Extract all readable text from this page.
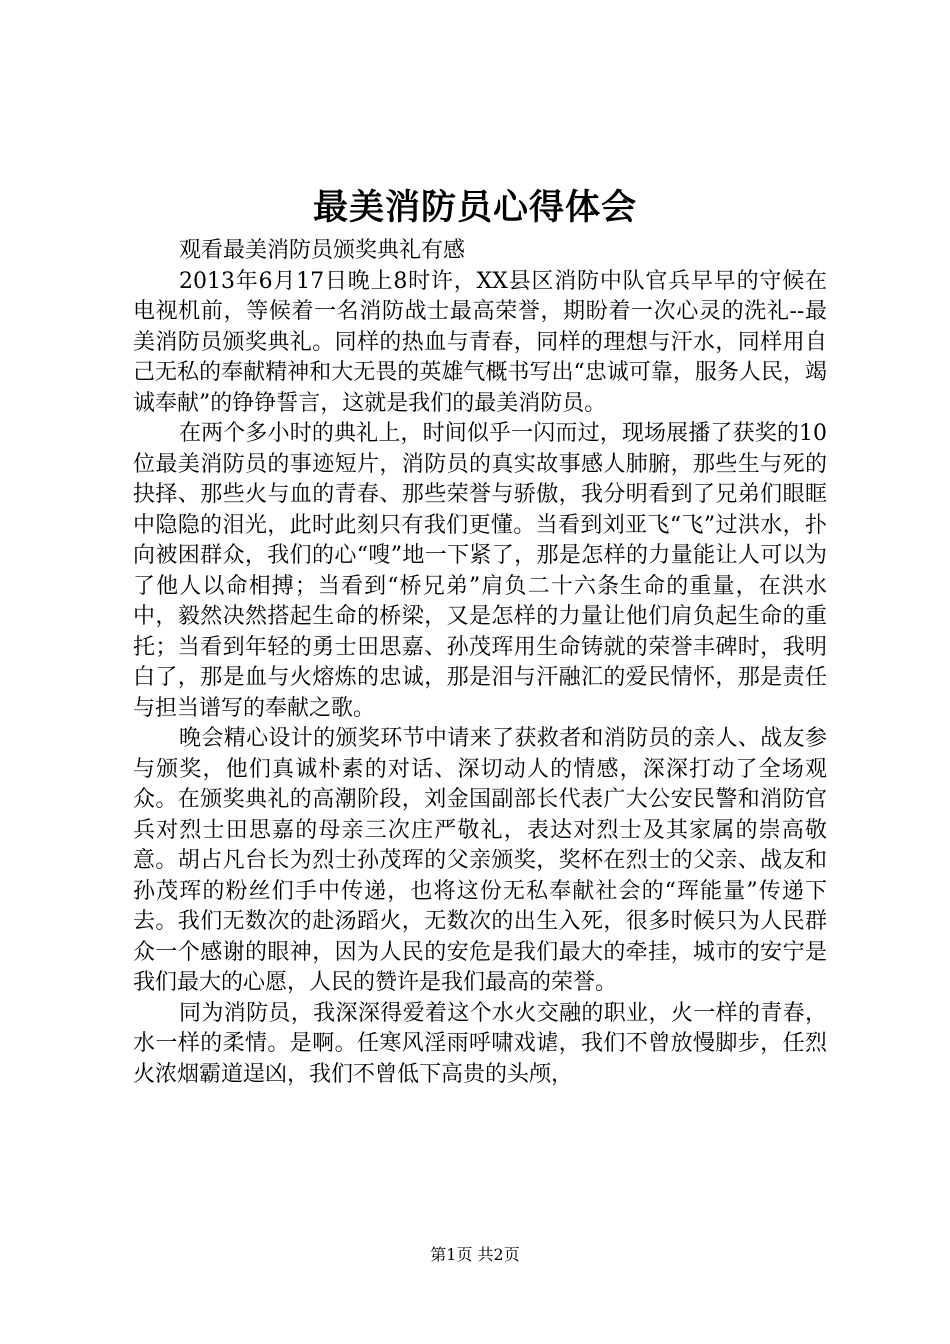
最美消防员心得体会

观看最美消防员颁奖典礼有感

2013年6月17日晚上8时许，XX县区消防中队官兵早早的守候在电视机前，等候着一名消防战士最高荣誉，期盼着一次心灵的洗礼--最美消防员颁奖典礼。同样的热血与青春，同样的理想与汗水，同样用自己无私的奉献精神和大无畏的英雄气概书写出“忠诚可靠，服务人民，竭诚奉献”的铮铮誓言，这就是我们的最美消防员。

在两个多小时的典礼上，时间似乎一闪而过，现场展播了获奖的10位最美消防员的事迹短片，消防员的真实故事感人肺腑，那些生与死的抉择、那些火与血的青春、那些荣誉与骄傲，我分明看到了兄弟们眼眶中隐隐的泪光，此时此刻只有我们更懂。当看到刘亚飞“飞”过洪水，扑向被困群众，我们的心“嗖”地一下紧了，那是怎样的力量能让人可以为了他人以命相搏；当看到“桥兄弟”肩负二十六条生命的重量，在洪水中，毅然决然搭起生命的桥梁，又是怎样的力量让他们肩负起生命的重托；当看到年轻的勇士田思嘉、孙茂珲用生命铸就的荣誉丰碑时，我明白了，那是血与火熔炼的忠诚，那是泪与汗融汇的爱民情怀，那是责任与担当谱写的奉献之歌。

晚会精心设计的颁奖环节中请来了获救者和消防员的亲人、战友参与颁奖，他们真诚朴素的对话、深切动人的情感，深深打动了全场观众。在颁奖典礼的高潮阶段，刘金国副部长代表广大公安民警和消防官兵对烈士田思嘉的母亲三次庄严敬礼，表达对烈士及其家属的崇高敬意。胡占凡台长为烈士孙茂珲的父亲颁奖，奖杯在烈士的父亲、战友和孙茂珲的粉丝们手中传递，也将这份无私奉献社会的“珲能量”传递下去。我们无数次的赴汤蹈火，无数次的出生入死，很多时候只为人民群众一个感谢的眼神，因为人民的安危是我们最大的牵挂，城市的安宁是我们最大的心愿，人民的赞许是我们最高的荣誉。

同为消防员，我深深得爱着这个水火交融的职业，火一样的青春，水一样的柔情。是啊。任寒风淫雨呼啸戏谑，我们不曾放慢脚步，任烈火浓烟霸道逞凶，我们不曾低下高贵的头颅，

第1页 共2页
